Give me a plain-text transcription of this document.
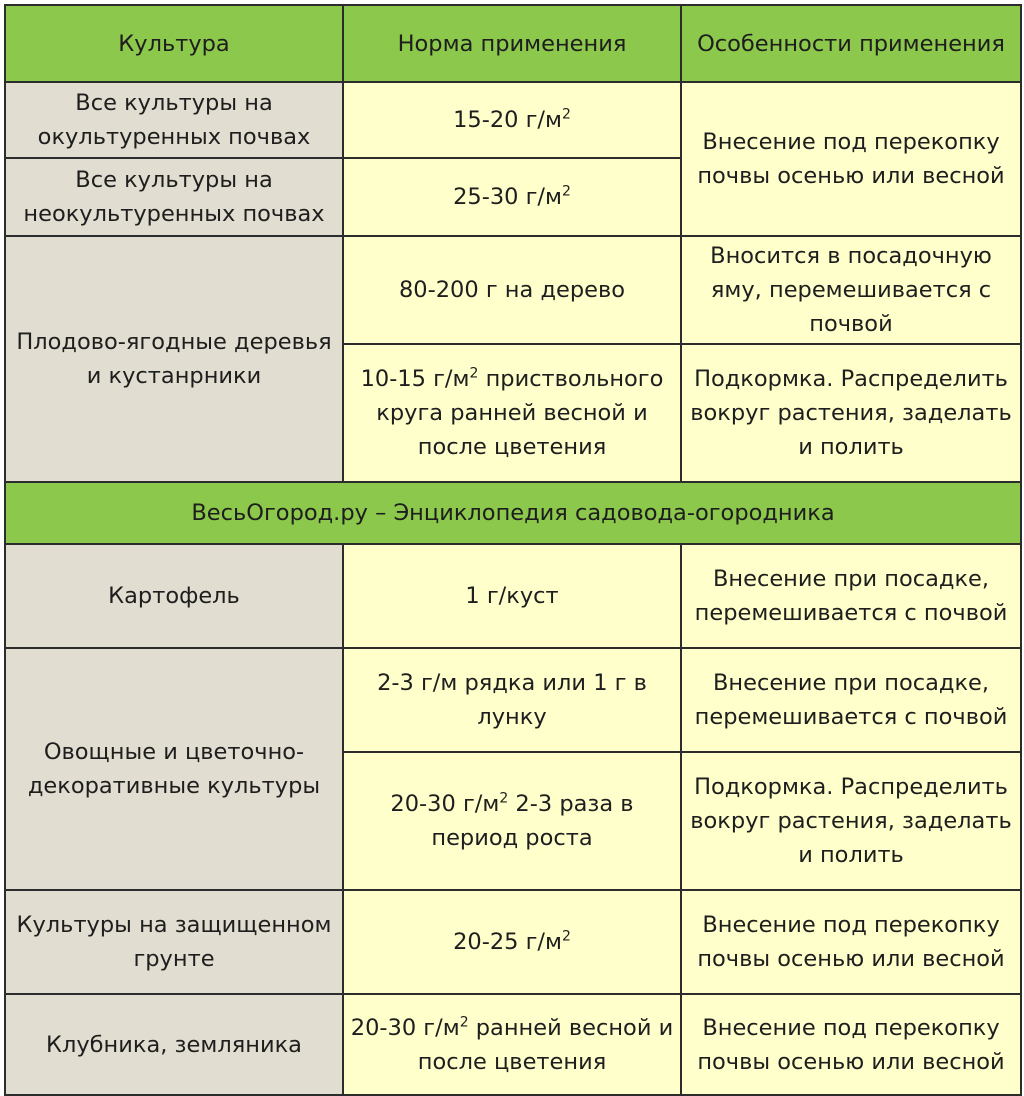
Культура	Норма применения	Особенности применения
Все культуры на окультуренных почвах	15-20 $г/м^2$	Внесение под перекопку почвы осенью или весной
Все культуры на неокультуренных почвах	25-30 $г/м^2$
Плодово-ягодные деревья и кустанрники	80-200 г на дерево	Вносится в посадочную яму, перемешивается с почвой
	10-15 $г/м^2$ приствольного круга ранней весной и после цветения	Подкормка. Распределить вокруг растения, заделать и полить
ВесьОгород.ру – Энциклопедия садовода-огородника		
Картофель	1 г/куст	Внесение при посадке, перемешивается с почвой
Овощные и цветочно-декоративные культуры	2-3 г/м рядка или 1 г в лунку	Внесение при посадке, перемешивается с почвой
	20-30 $г/м^2$ 2-3 раза в период роста	Подкормка. Распределить вокруг растения, заделать и полить
Культуры на защищенном грунте	20-25 $г/м^2$	Внесение под перекопку почвы осенью или весной
Клубника, земляника	20-30 $г/м^2$ ранней весной и после цветения	Внесение под перекопку почвы осенью или весной
